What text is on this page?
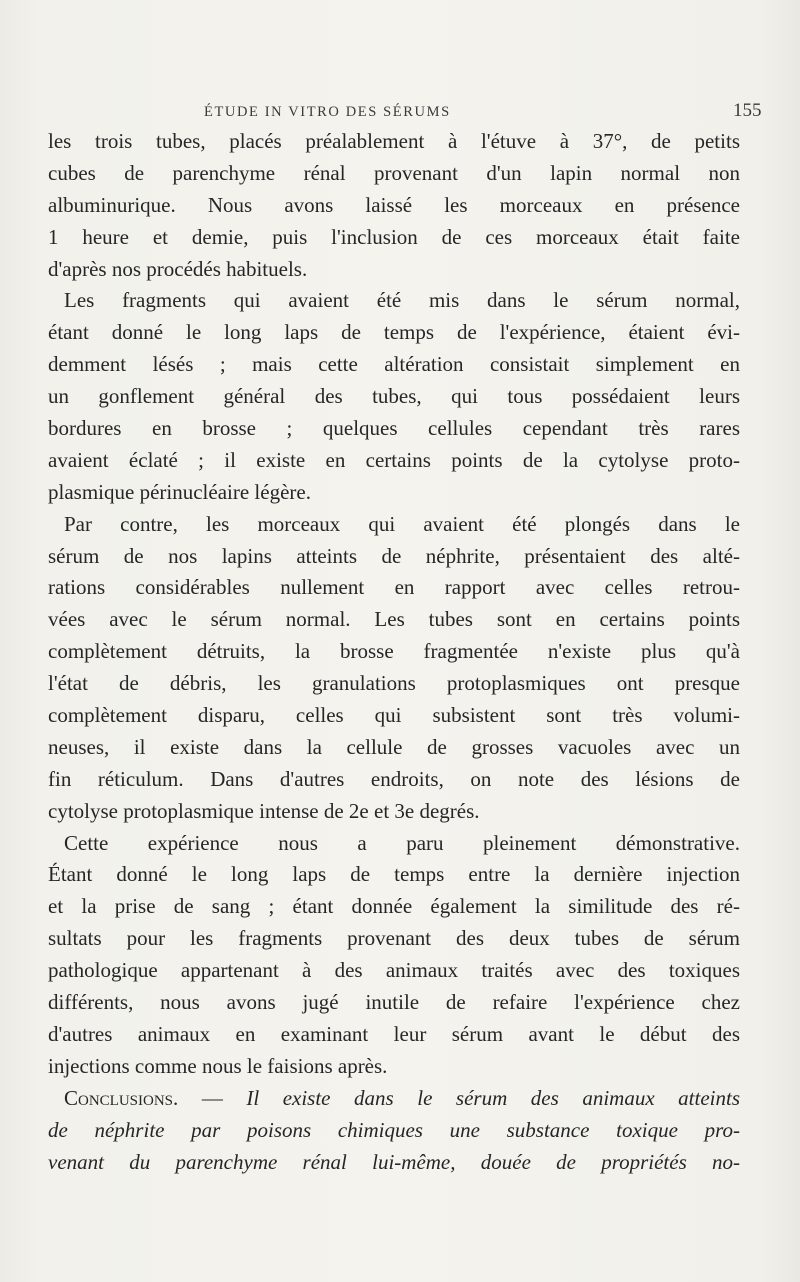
ÉTUDE IN VITRO DES SÉRUMS	155
les trois tubes, placés préalablement à l'étuve à 37°, de petits
cubes de parenchyme rénal provenant d'un lapin normal non
albuminurique. Nous avons laissé les morceaux en présence
1 heure et demie, puis l'inclusion de ces morceaux était faite
d'après nos procédés habituels.
Les fragments qui avaient été mis dans le sérum normal,
étant donné le long laps de temps de l'expérience, étaient évi-
demment lésés ; mais cette altération consistait simplement en
un gonflement général des tubes, qui tous possédaient leurs
bordures en brosse ; quelques cellules cependant très rares
avaient éclaté ; il existe en certains points de la cytolyse proto-
plasmique périnucléaire légère.
Par contre, les morceaux qui avaient été plongés dans le
sérum de nos lapins atteints de néphrite, présentaient des alté-
rations considérables nullement en rapport avec celles retrou-
vées avec le sérum normal. Les tubes sont en certains points
complètement détruits, la brosse fragmentée n'existe plus qu'à
l'état de débris, les granulations protoplasmiques ont presque
complètement disparu, celles qui subsistent sont très volumi-
neuses, il existe dans la cellule de grosses vacuoles avec un
fin réticulum. Dans d'autres endroits, on note des lésions de
cytolyse protoplasmique intense de 2e et 3e degrés.
Cette expérience nous a paru pleinement démonstrative.
Étant donné le long laps de temps entre la dernière injection
et la prise de sang ; étant donnée également la similitude des ré-
sultats pour les fragments provenant des deux tubes de sérum
pathologique appartenant à des animaux traités avec des toxiques
différents, nous avons jugé inutile de refaire l'expérience chez
d'autres animaux en examinant leur sérum avant le début des
injections comme nous le faisions après.
Conclusions. — Il existe dans le sérum des animaux atteints
de néphrite par poisons chimiques une substance toxique pro-
venant du parenchyme rénal lui-même, douée de propriétés no-
